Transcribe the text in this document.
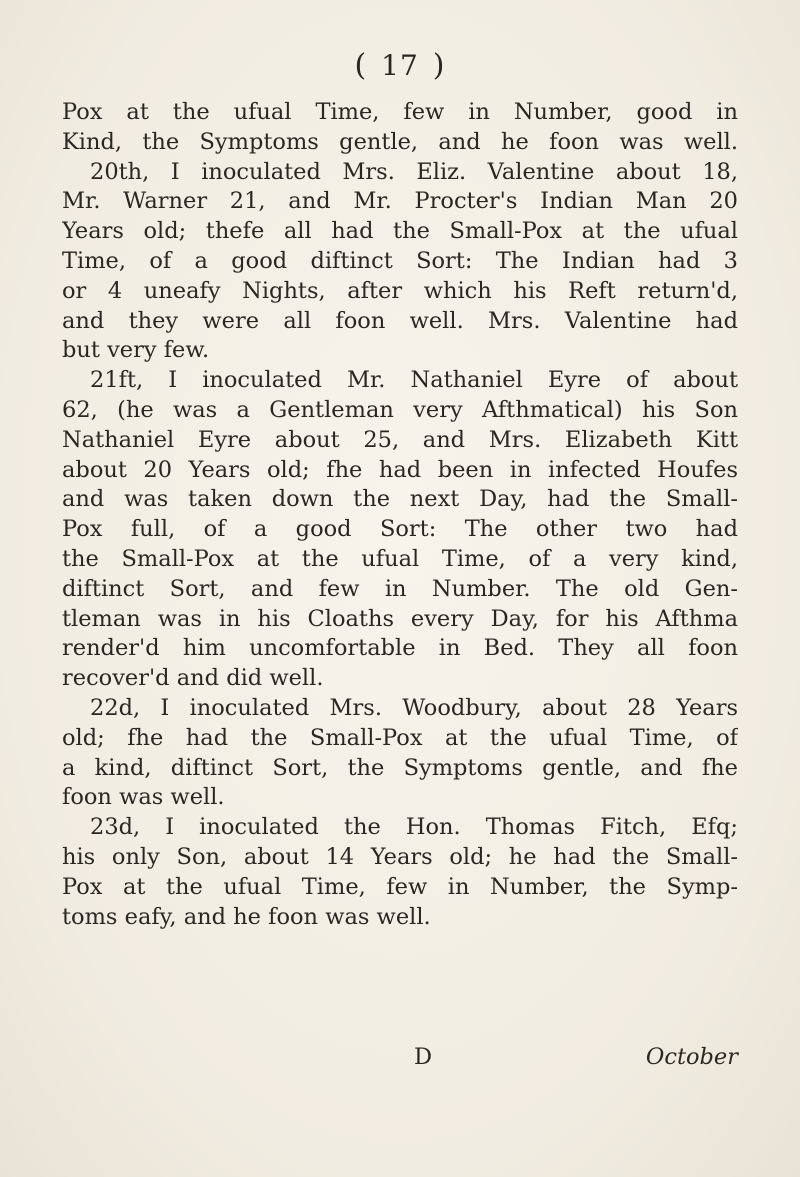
( 17 )
Pox at the ufual Time, few in Number, good in
Kind, the Symptoms gentle, and he foon was well.
20th, I inoculated Mrs. Eliz. Valentine about 18,
Mr. Warner 21, and Mr. Procter's Indian Man 20
Years old; thefe all had the Small-Pox at the ufual
Time, of a good diftinct Sort: The Indian had 3
or 4 uneafy Nights, after which his Reft return'd,
and they were all foon well. Mrs. Valentine had
but very few.
21ft, I inoculated Mr. Nathaniel Eyre of about
62, (he was a Gentleman very Afthmatical) his Son
Nathaniel Eyre about 25, and Mrs. Elizabeth Kitt
about 20 Years old; fhe had been in infected Houfes
and was taken down the next Day, had the Small-
Pox full, of a good Sort: The other two had
the Small-Pox at the ufual Time, of a very kind,
diftinct Sort, and few in Number. The old Gen-
tleman was in his Cloaths every Day, for his Afthma
render'd him uncomfortable in Bed. They all foon
recover'd and did well.
22d, I inoculated Mrs. Woodbury, about 28 Years
old; fhe had the Small-Pox at the ufual Time, of
a kind, diftinct Sort, the Symptoms gentle, and fhe
foon was well.
23d, I inoculated the Hon. Thomas Fitch, Efq;
his only Son, about 14 Years old; he had the Small-
Pox at the ufual Time, few in Number, the Symp-
toms eafy, and he foon was well.
D	October
